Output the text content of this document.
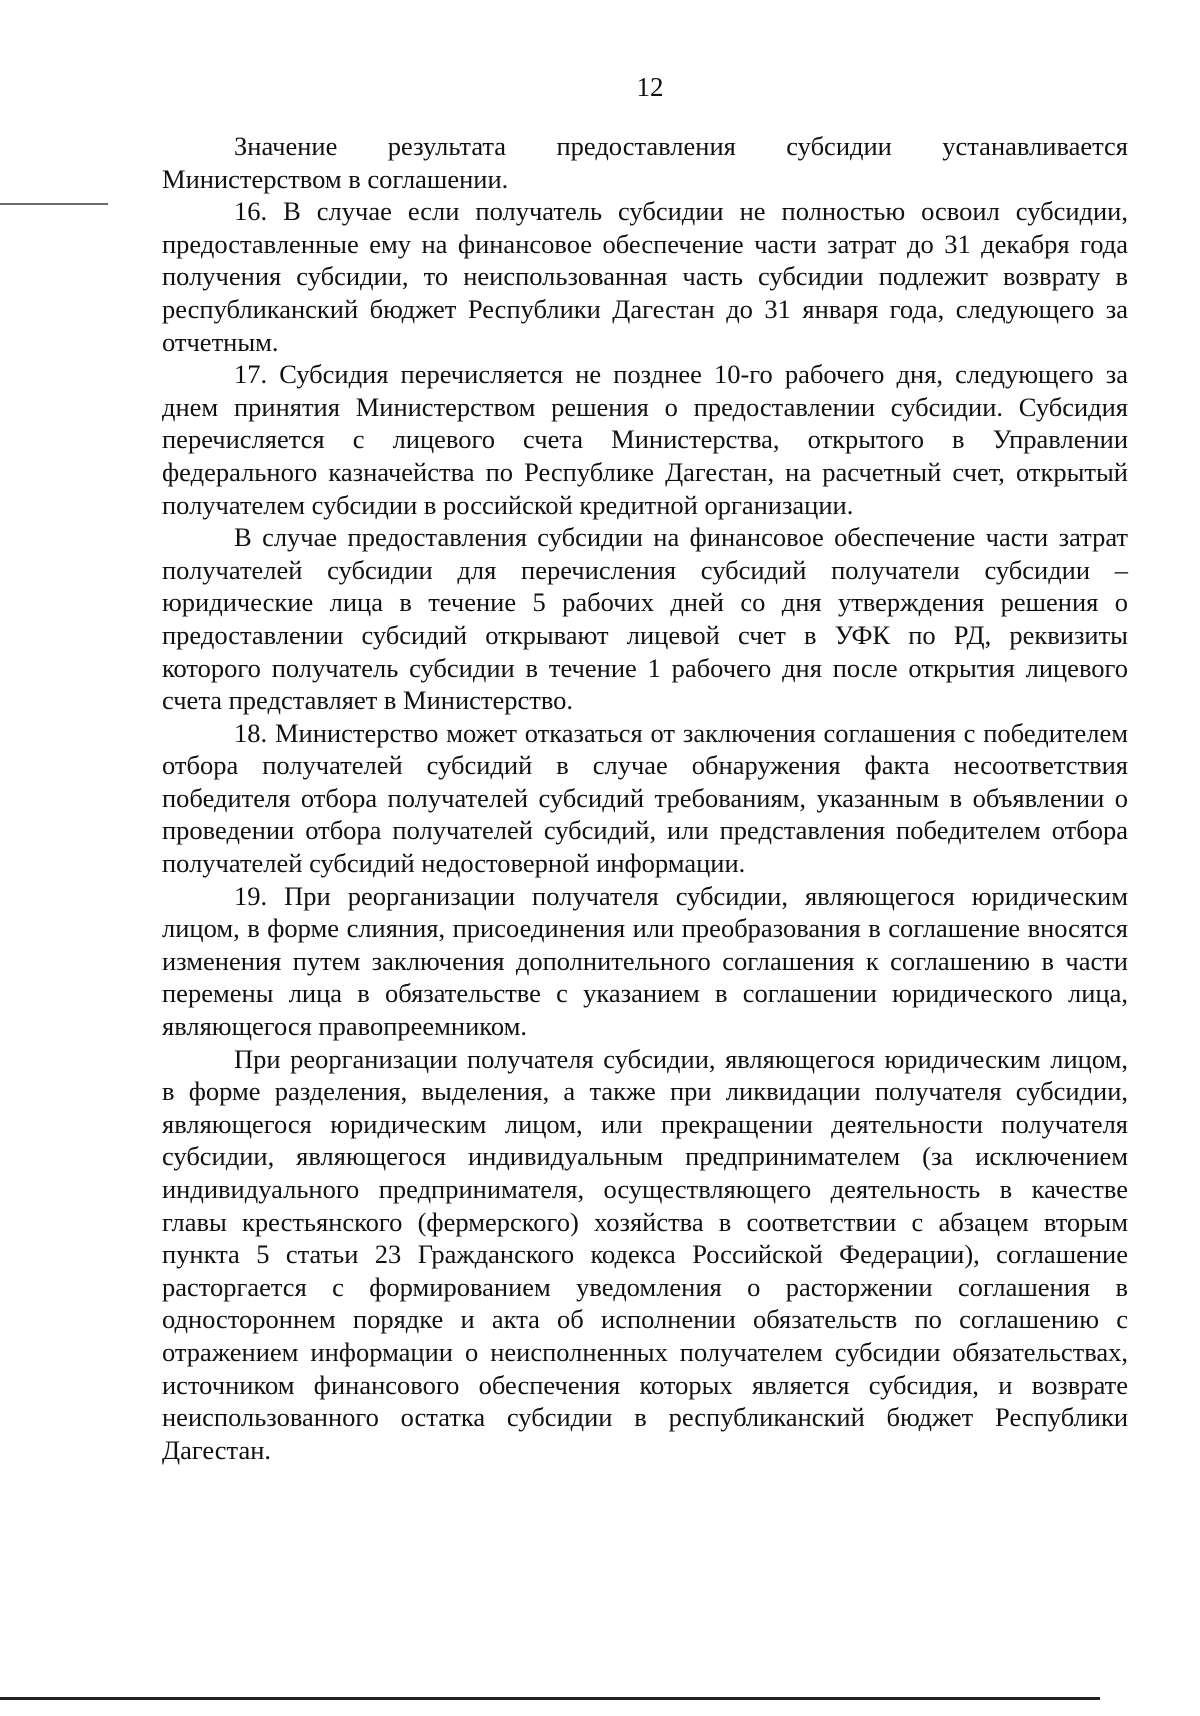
12

Значение результата предоставления субсидии устанавливается Министерством в соглашении.

16. В случае если получатель субсидии не полностью освоил субсидии, предоставленные ему на финансовое обеспечение части затрат до 31 декабря года получения субсидии, то неиспользованная часть субсидии подлежит возврату в республиканский бюджет Республики Дагестан до 31 января года, следующего за отчетным.

17. Субсидия перечисляется не позднее 10-го рабочего дня, следующего за днем принятия Министерством решения о предоставлении субсидии. Субсидия перечисляется с лицевого счета Министерства, открытого в Управлении федерального казначейства по Республике Дагестан, на расчетный счет, открытый получателем субсидии в российской кредитной организации.

В случае предоставления субсидии на финансовое обеспечение части затрат получателей субсидии для перечисления субсидий получатели субсидии – юридические лица в течение 5 рабочих дней со дня утверждения решения о предоставлении субсидий открывают лицевой счет в УФК по РД, реквизиты которого получатель субсидии в течение 1 рабочего дня после открытия лицевого счета представляет в Министерство.

18. Министерство может отказаться от заключения соглашения с победителем отбора получателей субсидий в случае обнаружения факта несоответствия победителя отбора получателей субсидий требованиям, указанным в объявлении о проведении отбора получателей субсидий, или представления победителем отбора получателей субсидий недостоверной информации.

19. При реорганизации получателя субсидии, являющегося юридическим лицом, в форме слияния, присоединения или преобразования в соглашение вносятся изменения путем заключения дополнительного соглашения к соглашению в части перемены лица в обязательстве с указанием в соглашении юридического лица, являющегося правопреемником.

При реорганизации получателя субсидии, являющегося юридическим лицом, в форме разделения, выделения, а также при ликвидации получателя субсидии, являющегося юридическим лицом, или прекращении деятельности получателя субсидии, являющегося индивидуальным предпринимателем (за исключением индивидуального предпринимателя, осуществляющего деятельность в качестве главы крестьянского (фермерского) хозяйства в соответствии с абзацем вторым пункта 5 статьи 23 Гражданского кодекса Российской Федерации), соглашение расторгается с формированием уведомления о расторжении соглашения в одностороннем порядке и акта об исполнении обязательств по соглашению с отражением информации о неисполненных получателем субсидии обязательствах, источником финансового обеспечения которых является субсидия, и возврате неиспользованного остатка субсидии в республиканский бюджет Республики Дагестан.
